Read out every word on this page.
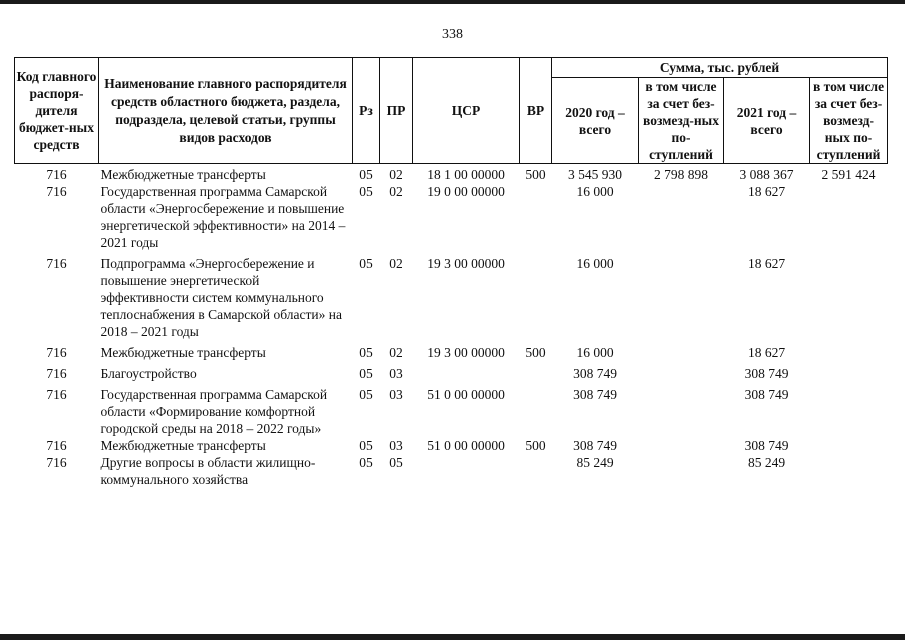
338
Код главного распоря-дителя бюджет-ных средств	Наименование главного распорядителя средств областного бюджета, раздела, подраздела, целевой статьи, группы видов расходов	Рз	ПР	ЦСР	ВР	Сумма, тыс. рублей			
						2020 год – всего	в том числе за счет без-возмезд-ных по-ступлений	2021 год – всего	в том числе за счет без-возмезд-ных по-ступлений
716	Межбюджетные трансферты	05	02	18 1 00 00000	500	3 545 930	2 798 898	3 088 367	2 591 424
716	Государственная программа Самарской области «Энергосбережение и повышение энергетической эффективности» на 2014 – 2021 годы	05	02	19 0 00 00000		16 000		18 627	
716	Подпрограмма «Энергосбережение и повышение энергетической эффективности систем коммунального теплоснабжения в Самарской области» на 2018 – 2021 годы	05	02	19 3 00 00000		16 000		18 627	
716	Межбюджетные трансферты	05	02	19 3 00 00000	500	16 000		18 627	
716	Благоустройство	05	03			308 749		308 749	
716	Государственная программа Самарской области «Формирование комфортной городской среды на 2018 – 2022 годы»	05	03	51 0 00 00000		308 749		308 749	
716	Межбюджетные трансферты	05	03	51 0 00 00000	500	308 749		308 749	
716	Другие вопросы в области жилищно-коммунального хозяйства	05	05			85 249		85 249	
